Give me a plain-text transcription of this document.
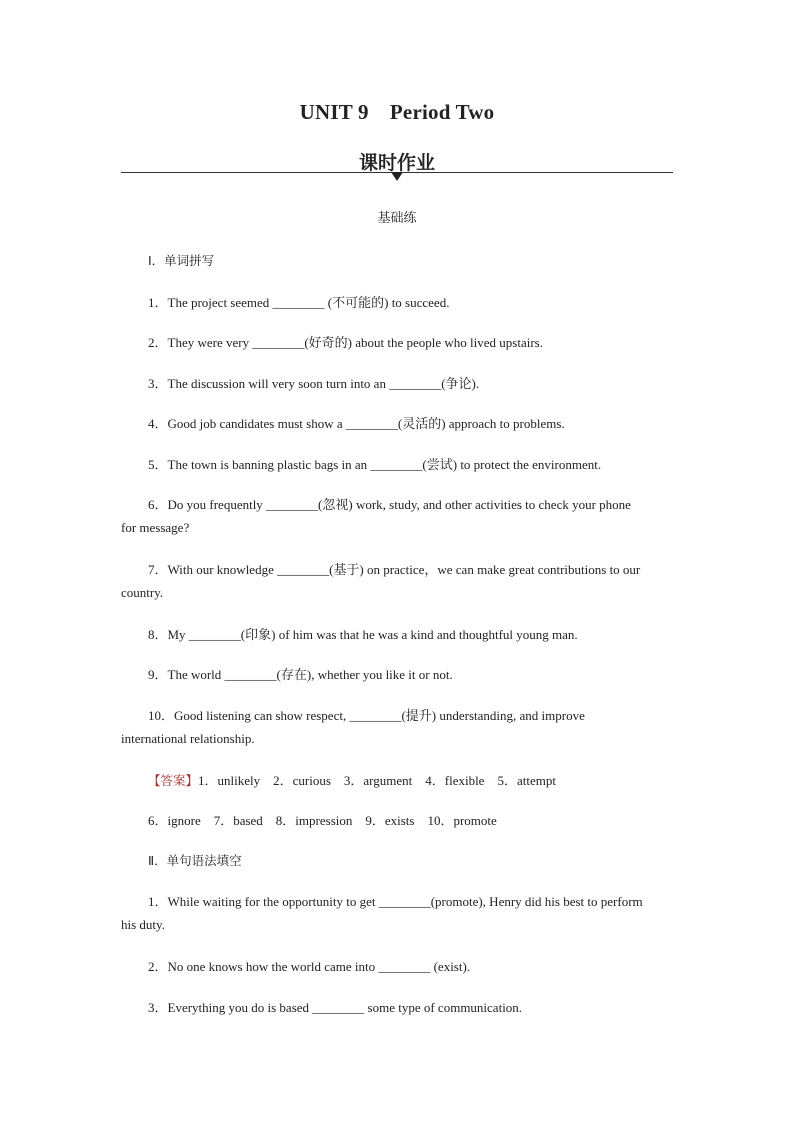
UNIT 9　Period Two
课时作业
基础练
Ⅰ．单词拼写
1．The project seemed ________ (不可能的) to succeed.
2．They were very ________(好奇的) about the people who lived upstairs.
3．The discussion will very soon turn into an ________(争论).
4．Good job candidates must show a ________(灵活的) approach to problems.
5．The town is banning plastic bags in an ________(尝试) to protect the environment.
6．Do you frequently ________(忽视) work, study, and other activities to check your phone
for message?
7．With our knowledge ________(基于) on practice，we can make great contributions to our
country.
8．My ________(印象) of him was that he was a kind and thoughtful young man.
9．The world ________(存在), whether you like it or not.
10．Good listening can show respect, ________(提升) understanding, and improve
international relationship.
【答案】1．unlikely 2．curious 3．argument 4．flexible 5．attempt
6．ignore 7．based 8．impression 9．exists 10．promote
Ⅱ．单句语法填空
1．While waiting for the opportunity to get ________(promote), Henry did his best to perform
his duty.
2．No one knows how the world came into ________ (exist).
3．Everything you do is based ________ some type of communication.
